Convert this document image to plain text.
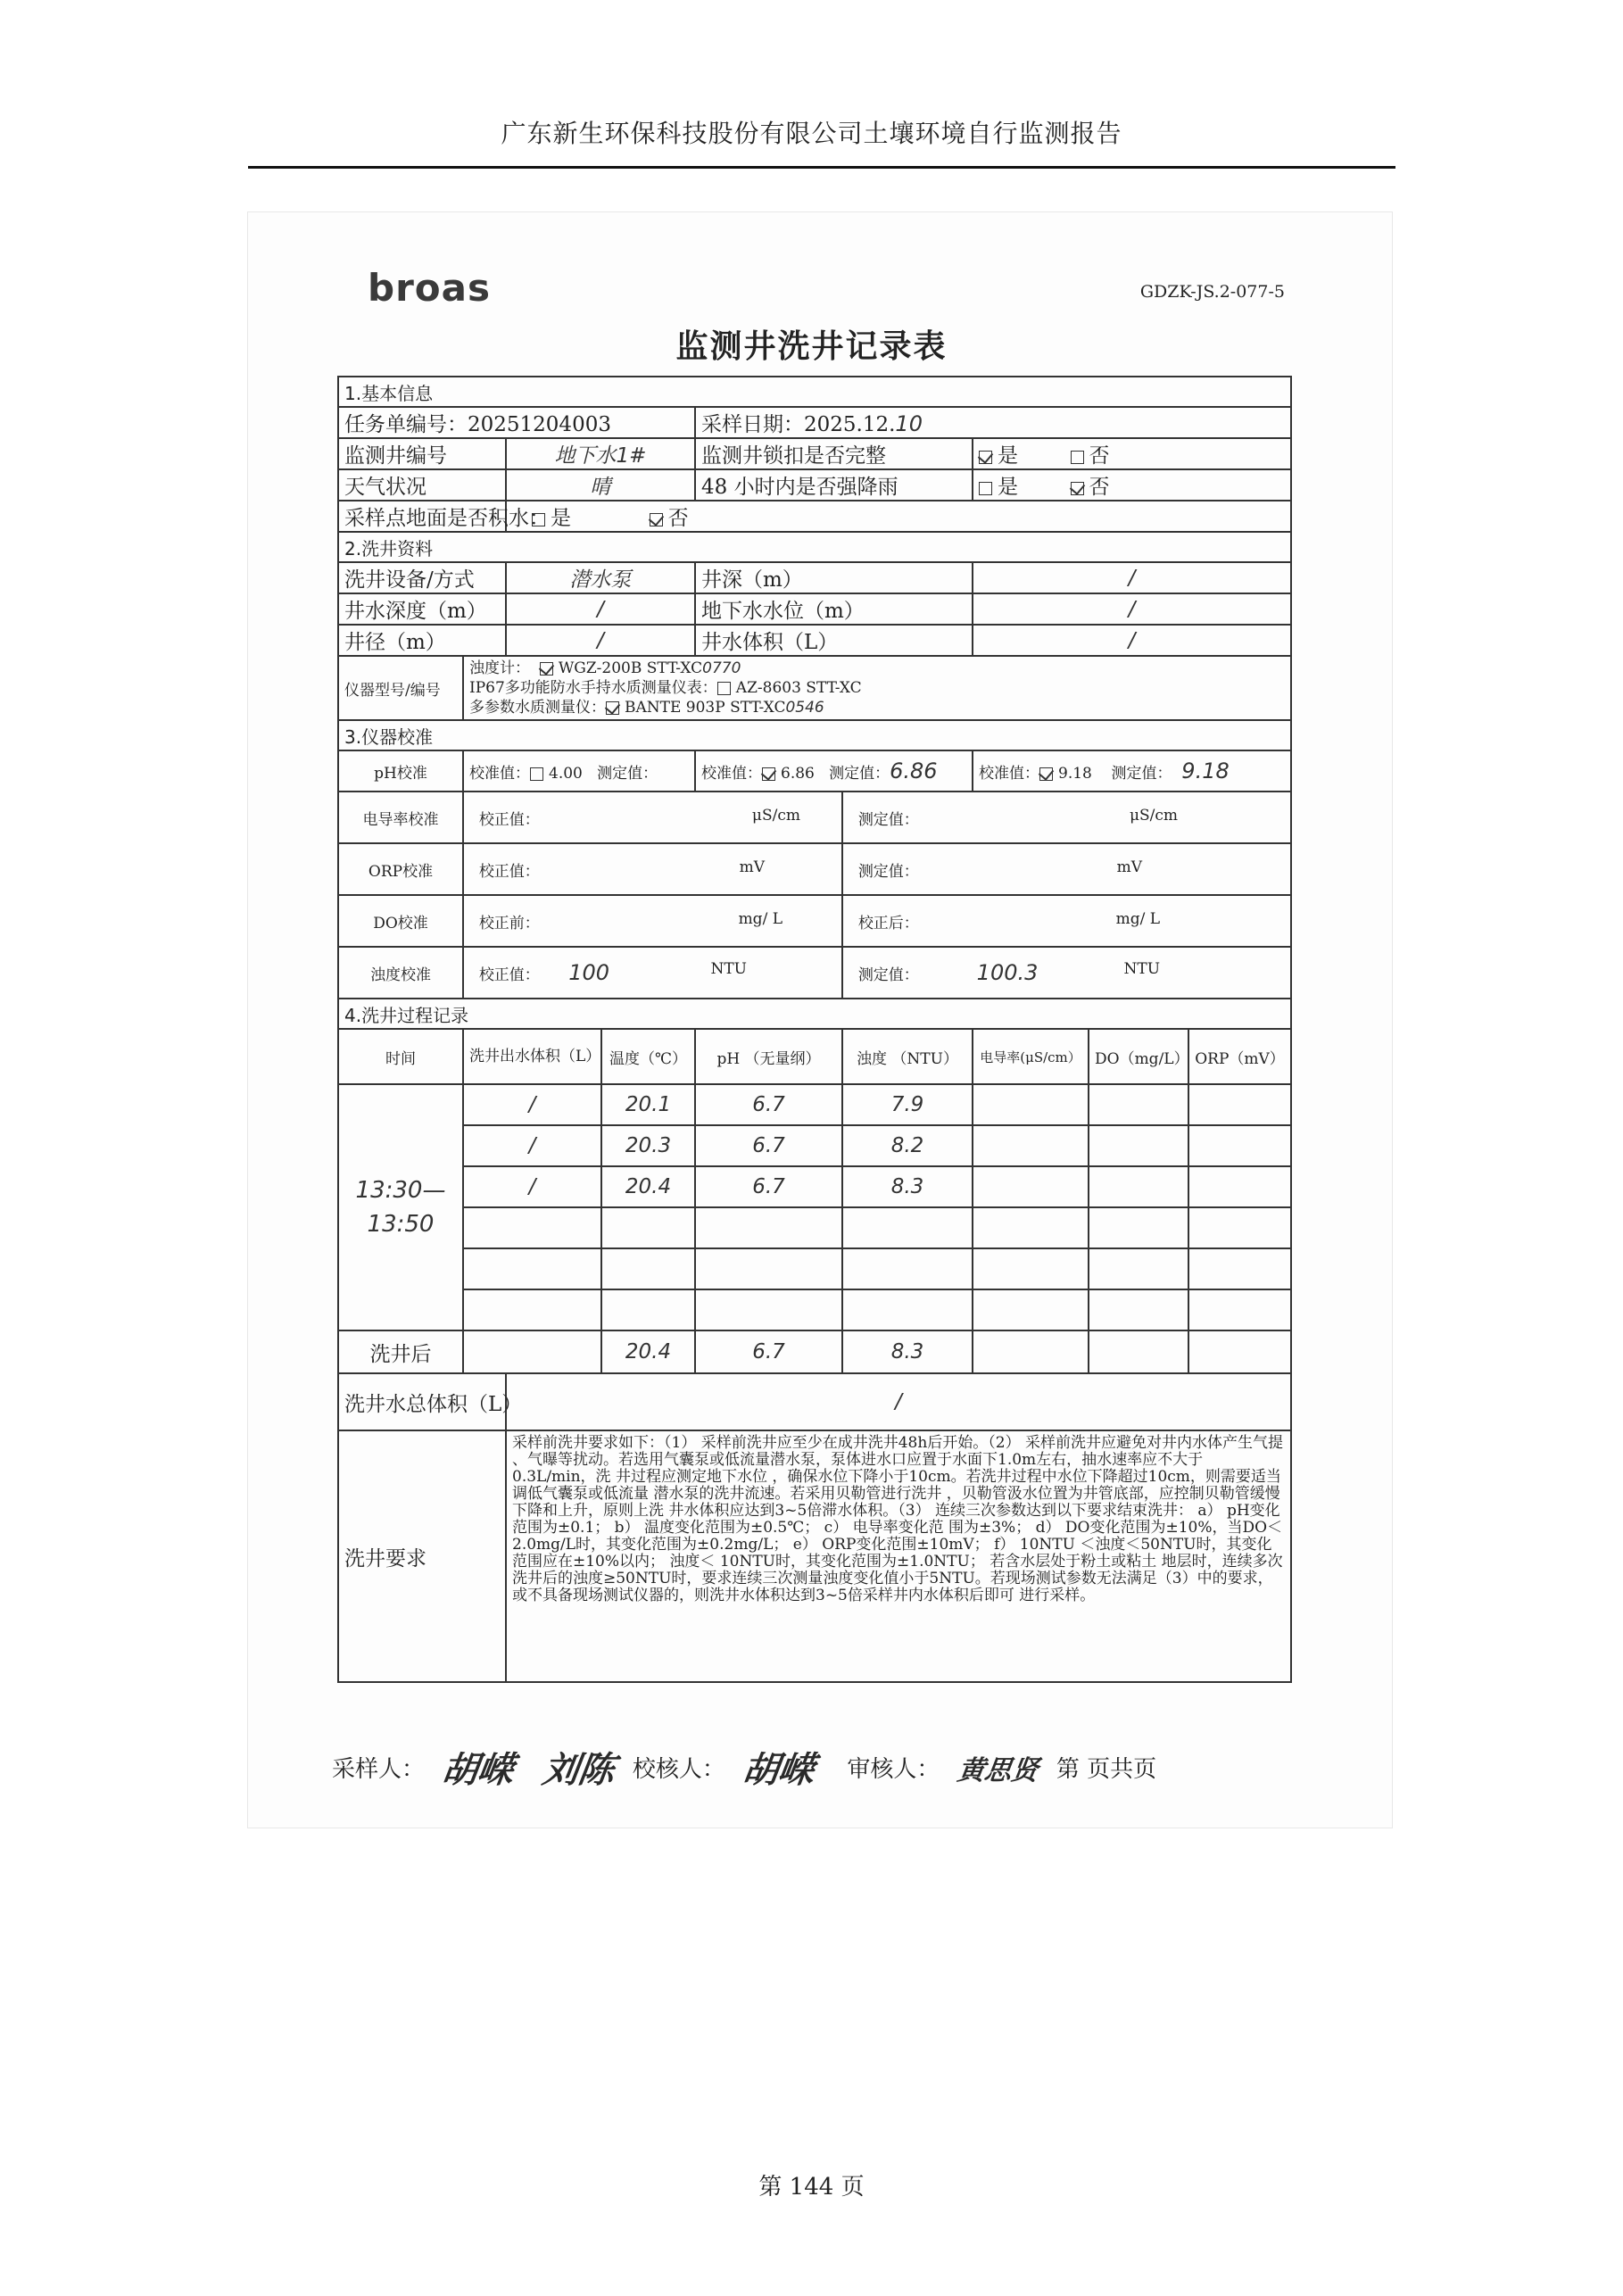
广东新生环保科技股份有限公司土壤环境自行监测报告
broas	GDZK-JS.2-077-5
监测井洗井记录表
1.基本信息								
任务单编号：20251204003				采样日期：2025.12.10				
监测井编号		地下水1#		监测井锁扣是否完整		是 否		
天气状况		晴		48 小时内是否强降雨		是 否		
采样点地面是否积水：		是 否						
2.洗井资料								
洗井设备/方式		潜水泵		井深（m）		/		
井水深度（m）		/		地下水水位（m）		/		
井径（m）		/		井水体积（L）		/		
仪器型号/编号	浊度计： WGZ-200B STT-XC0770
IP67多功能防水手持水质测量仪表： AZ-8603 STT-XC
多参数水质测量仪： BANTE 903P STT-XC0546							

3.仪器校准								
pH校准	校准值： 4.00 测定值：			校准值： 6.86 测定值：6.86		校准值： 9.18 测定值： 9.18		
电导率校准	校正值： μS/cm				测定值： μS/cm			

ORP校准	校正值： mV				测定值： mV			

DO校准	校正前： mg/ L				校正后： mg/ L			

浊度校准	校正值： 100 NTU				测定值： 100.3 NTU			

4.洗井过程记录								
时间	洗井出水体积（L）		温度（℃）	pH （无量纲）	浊度 （NTU）	电导率(μS/cm）	DO（mg/L）	ORP（mV）
13:30—13:50	/		20.1	6.7	7.9			
	/		20.3	6.7	8.2			
	/		20.4	6.7	8.3			

洗井后			20.4	6.7	8.3			
洗井水总体积（L）		/						
洗井要求		采样前洗井要求如下：（1） 采样前洗井应至少在成井洗井48h后开始。（2） 采样前洗井应避免对井内水体产生气提 、气曝等扰动。若选用气囊泵或低流量潜水泵，泵体进水口应置于水面下1.0m左右，抽水速率应不大于0.3L/min，洗 井过程应测定地下水位 ，确保水位下降小于10cm。若洗井过程中水位下降超过10cm，则需要适当调低气囊泵或低流量 潜水泵的洗井流速。若采用贝勒管进行洗井 ，贝勒管汲水位置为井管底部，应控制贝勒管缓慢下降和上升，原则上洗 井水体积应达到3~5倍滞水体积。（3） 连续三次参数达到以下要求结束洗井： a） pH变化范围为±0.1； b） 温度变化范围为±0.5℃； c） 电导率变化范 围为±3%； d） DO变化范围为±10%，当DO＜2.0mg/L时，其变化范围为±0.2mg/L； e） ORP变化范围±10mV； f） 10NTU ＜浊度＜50NTU时，其变化范围应在±10%以内； 浊度＜ 10NTU时，其变化范围为±1.0NTU； 若含水层处于粉土或粘土 地层时，连续多次洗井后的浊度≥50NTU时，要求连续三次测量浊度变化值小于5NTU。若现场测试参数无法满足（3）中的要求，或不具备现场测试仪器的，则洗井水体积达到3~5倍采样井内水体积后即可 进行采样。						
采样人： 胡嵘 刘陈 校核人： 胡嵘 审核人： 黄思贤 第 页共页
第 144 页
